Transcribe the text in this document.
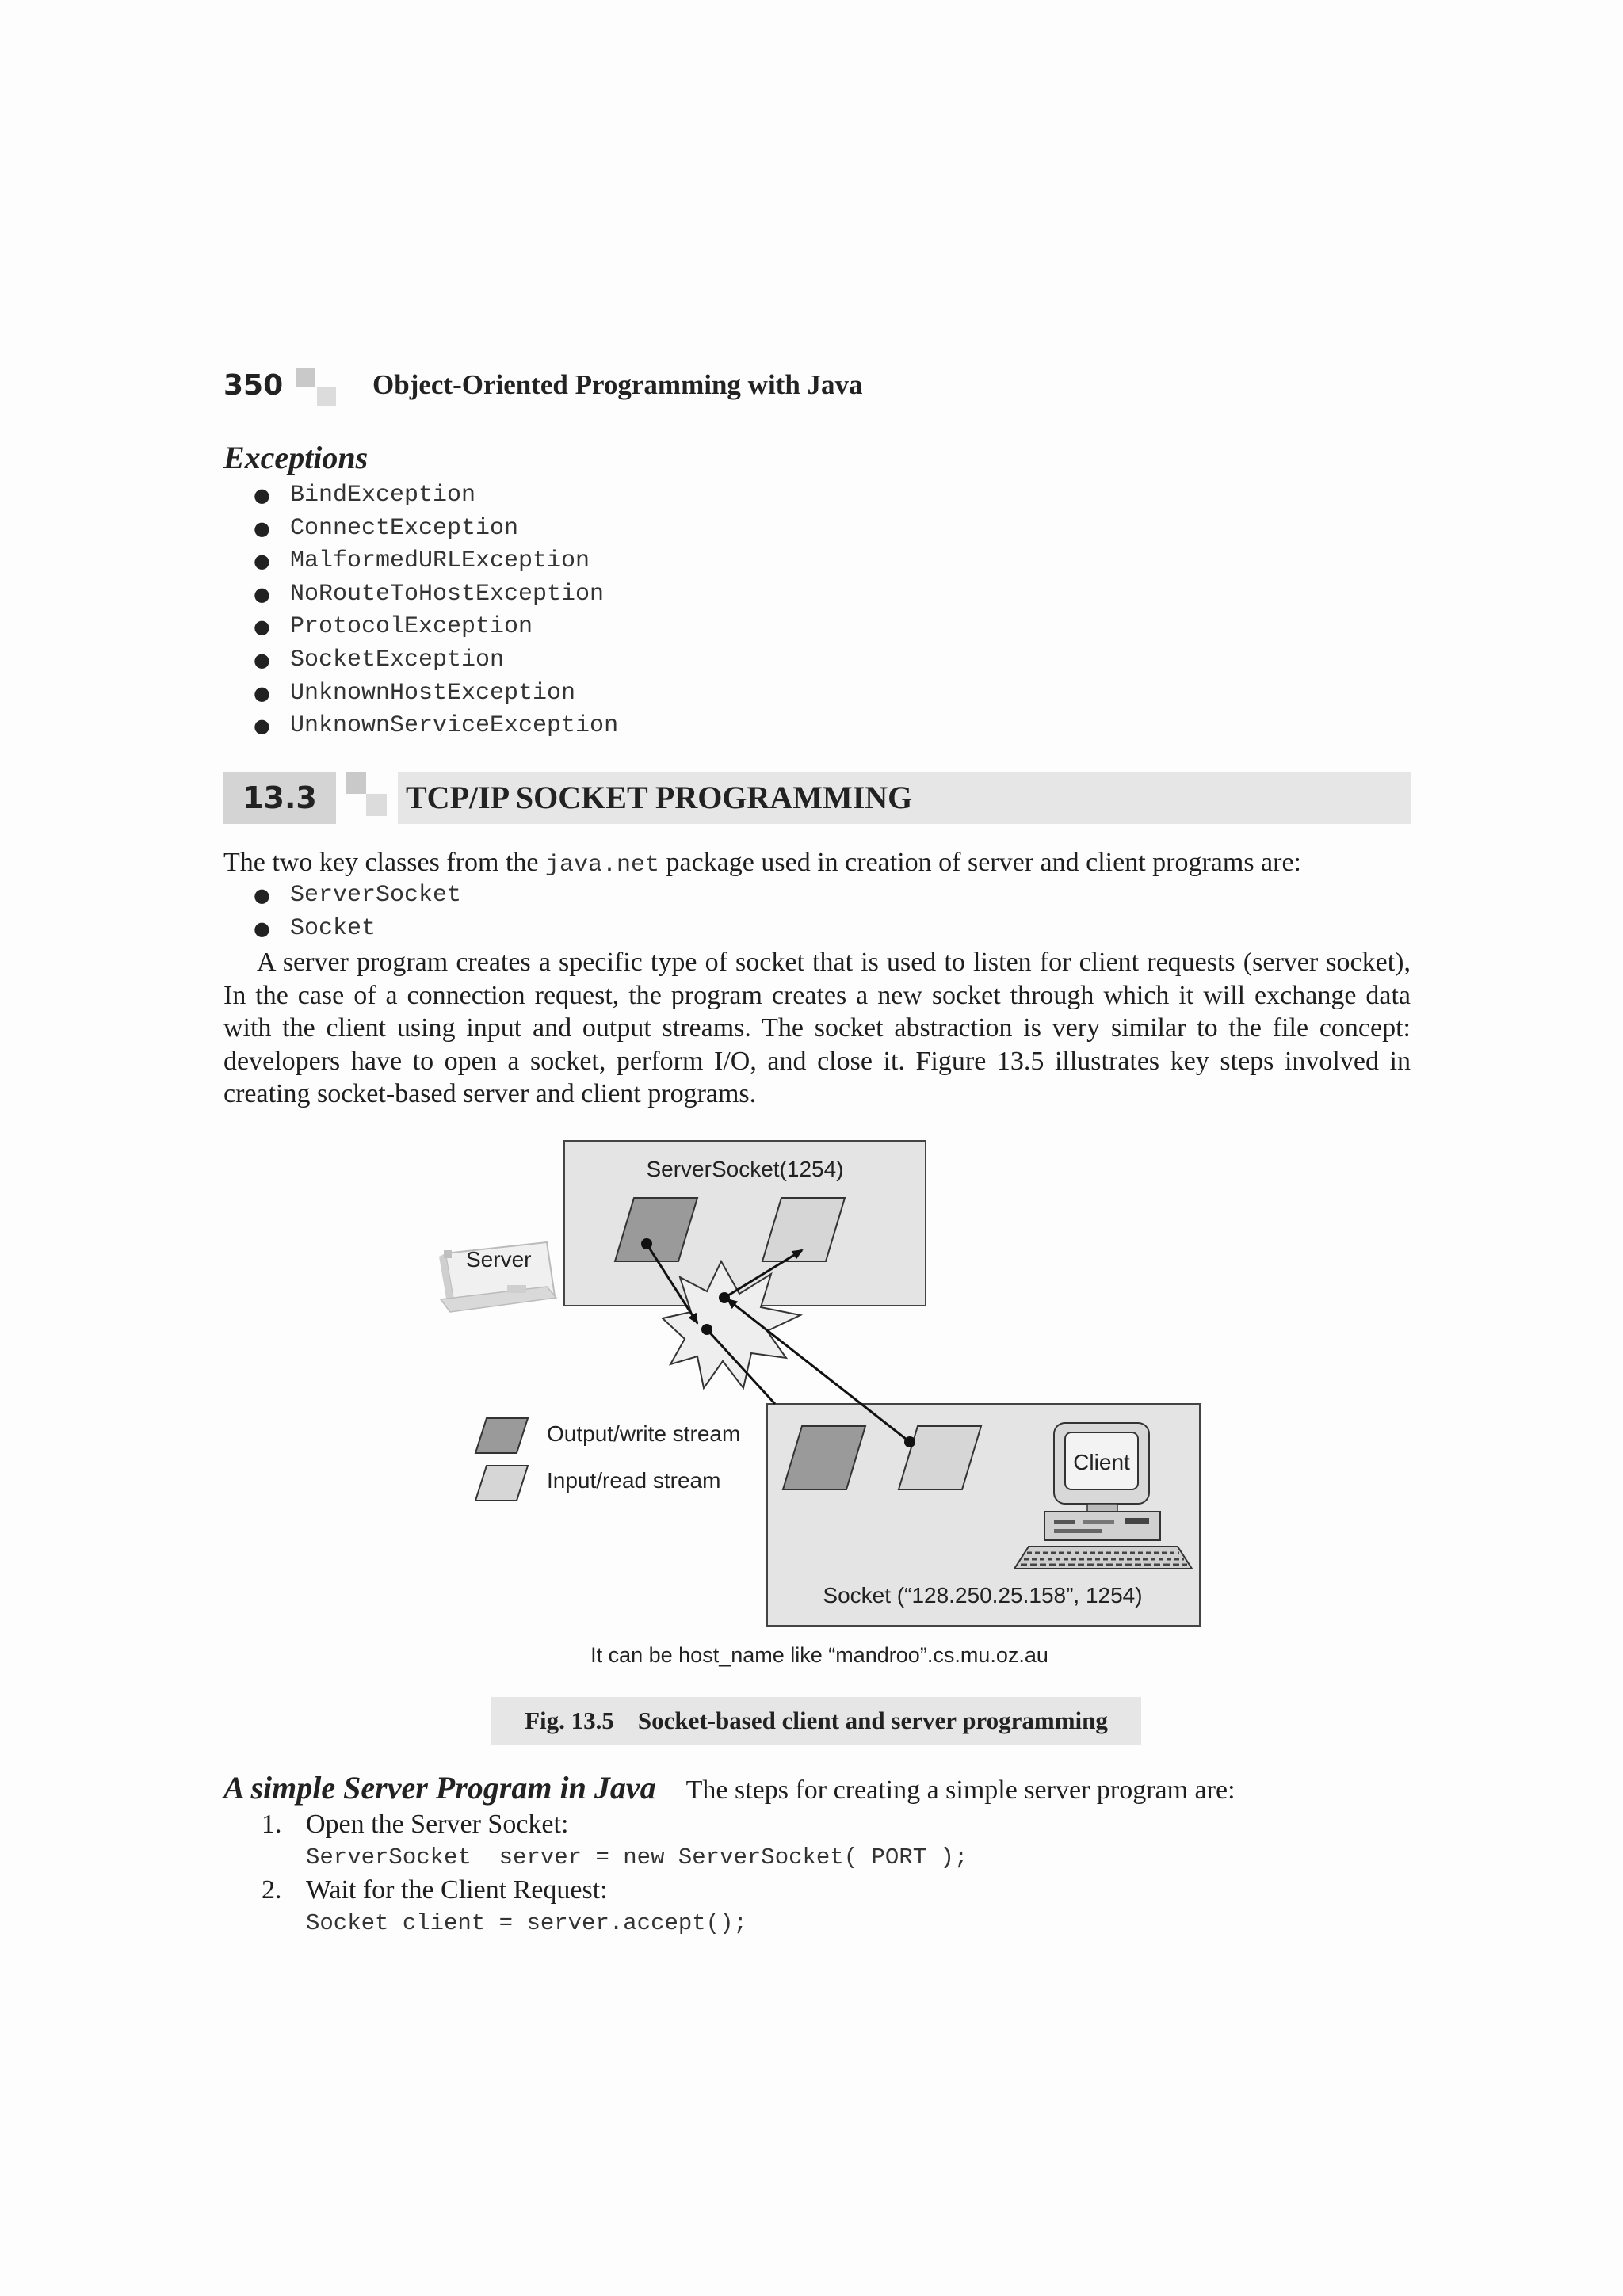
350	Object-Oriented Programming with Java
Exceptions
● BindException
● ConnectException
● MalformedURLException
● NoRouteToHostException
● ProtocolException
● SocketException
● UnknownHostException
● UnknownServiceException
13.3	TCP/IP SOCKET PROGRAMMING

The two key classes from the java.net package used in creation of server and client programs are:

● ServerSocket
● Socket

A server program creates a specific type of socket that is used to listen for client requests (server socket), In the case of a connection request, the program creates a new socket through which it will exchange data with the client using input and output streams. The socket abstraction is very similar to the file concept: developers have to open a socket, perform I/O, and close it. Figure 13.5 illustrates key steps involved in creating socket-based server and client programs.

ServerSocket(1254)
Server
Client
Socket (“128.250.25.158”, 1254)
Output/write stream
Input/read stream
It can be host_name like “mandroo”.cs.mu.oz.au
Fig. 13.5 Socket-based client and server programming
A simple Server Program in Java The steps for creating a simple server program are:
1. Open the Server Socket:
ServerSocket  server = new ServerSocket( PORT );
2. Wait for the Client Request:
Socket client = server.accept();
